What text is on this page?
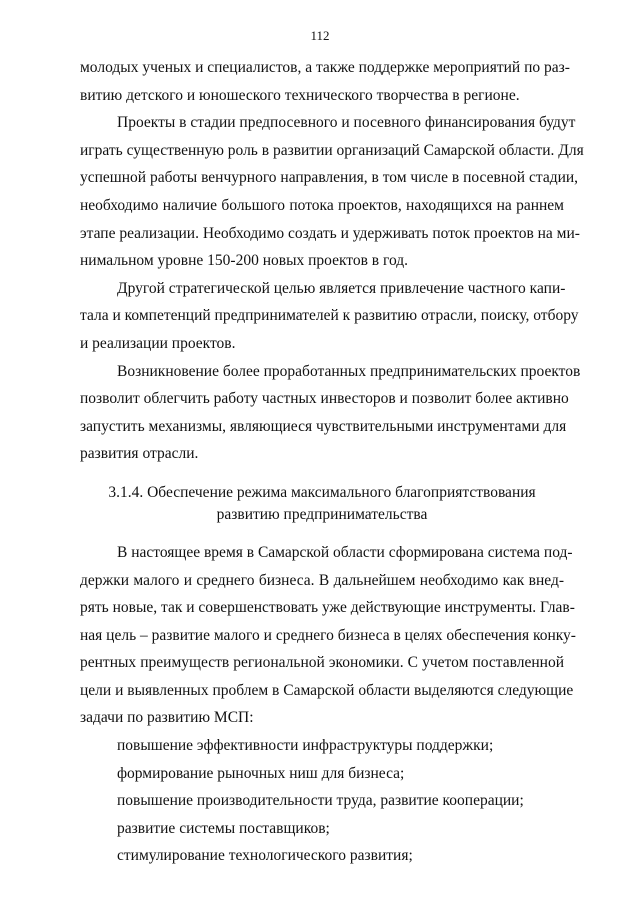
112

молодых ученых и специалистов, а также поддержке мероприятий по раз-
витию детского и юношеского технического творчества в регионе.

Проекты в стадии предпосевного и посевного финансирования будут
играть существенную роль в развитии организаций Самарской области. Для
успешной работы венчурного направления, в том числе в посевной стадии,
необходимо наличие большого потока проектов, находящихся на раннем
этапе реализации. Необходимо создать и удерживать поток проектов на ми-
нимальном уровне 150-200 новых проектов в год.

Другой стратегической целью является привлечение частного капи-
тала и компетенций предпринимателей к развитию отрасли, поиску, отбору
и реализации проектов.

Возникновение более проработанных предпринимательских проектов
позволит облегчить работу частных инвесторов и позволит более активно
запустить механизмы, являющиеся чувствительными инструментами для
развития отрасли.

3.1.4. Обеспечение режима максимального благоприятствования
развитию предпринимательства

В настоящее время в Самарской области сформирована система под-
держки малого и среднего бизнеса. В дальнейшем необходимо как внед-
рять новые, так и совершенствовать уже действующие инструменты. Глав-
ная цель – развитие малого и среднего бизнеса в целях обеспечения конку-
рентных преимуществ региональной экономики. С учетом поставленной
цели и выявленных проблем в Самарской области выделяются следующие
задачи по развитию МСП:

повышение эффективности инфраструктуры поддержки;
формирование рыночных ниш для бизнеса;
повышение производительности труда, развитие кооперации;
развитие системы поставщиков;
стимулирование технологического развития;
